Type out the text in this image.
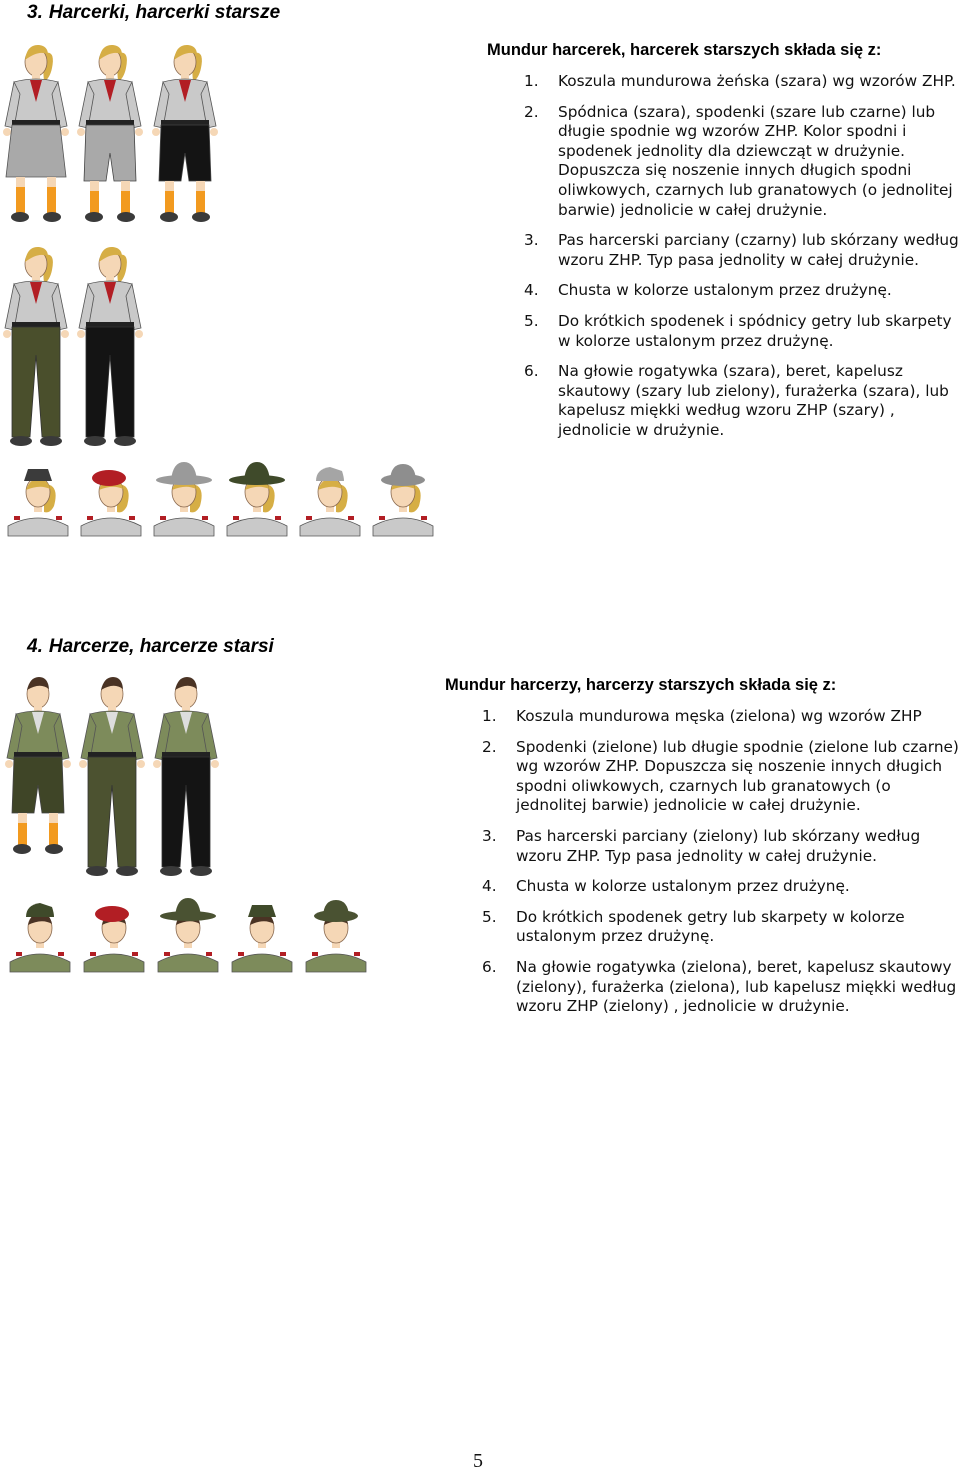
3. Harcerki, harcerki starsze
Mundur harcerek, harcerek starszych składa się z:
1.	Koszula mundurowa żeńska (szara) wg wzorów ZHP.
2.	Spódnica (szara), spodenki (szare lub czarne) lub długie spodnie wg wzorów ZHP. Kolor spodni i spodenek jednolity dla dziewcząt w drużynie. Dopuszcza się noszenie innych długich spodni oliwkowych, czarnych lub granatowych (o jednolitej barwie) jednolicie w całej drużynie.
3.	Pas harcerski parciany (czarny) lub skórzany według wzoru ZHP. Typ pasa jednolity w całej drużynie.
4.	Chusta w kolorze ustalonym przez drużynę.
5.	Do krótkich spodenek i spódnicy getry lub skarpety w kolorze ustalonym przez drużynę.
6.	Na głowie rogatywka (szara), beret, kapelusz skautowy (szary lub zielony), furażerka (szara), lub kapelusz miękki według wzoru ZHP (szary) , jednolicie w drużynie.
4. Harcerze, harcerze starsi
Mundur harcerzy, harcerzy starszych składa się z:
1.	Koszula mundurowa męska (zielona) wg wzorów ZHP
2.	Spodenki (zielone) lub długie spodnie (zielone lub czarne) wg wzorów ZHP. Dopuszcza się noszenie innych długich spodni oliwkowych, czarnych lub granatowych (o jednolitej barwie) jednolicie w całej drużynie.
3.	Pas harcerski parciany (zielony) lub skórzany według wzoru ZHP. Typ pasa jednolity w całej drużynie.
4.	Chusta w kolorze ustalonym przez drużynę.
5.	Do krótkich spodenek getry lub skarpety w kolorze ustalonym przez drużynę.
6.	Na głowie rogatywka (zielona), beret, kapelusz skautowy (zielony), furażerka (zielona), lub kapelusz miękki według wzoru ZHP (zielony) , jednolicie w drużynie.
5
